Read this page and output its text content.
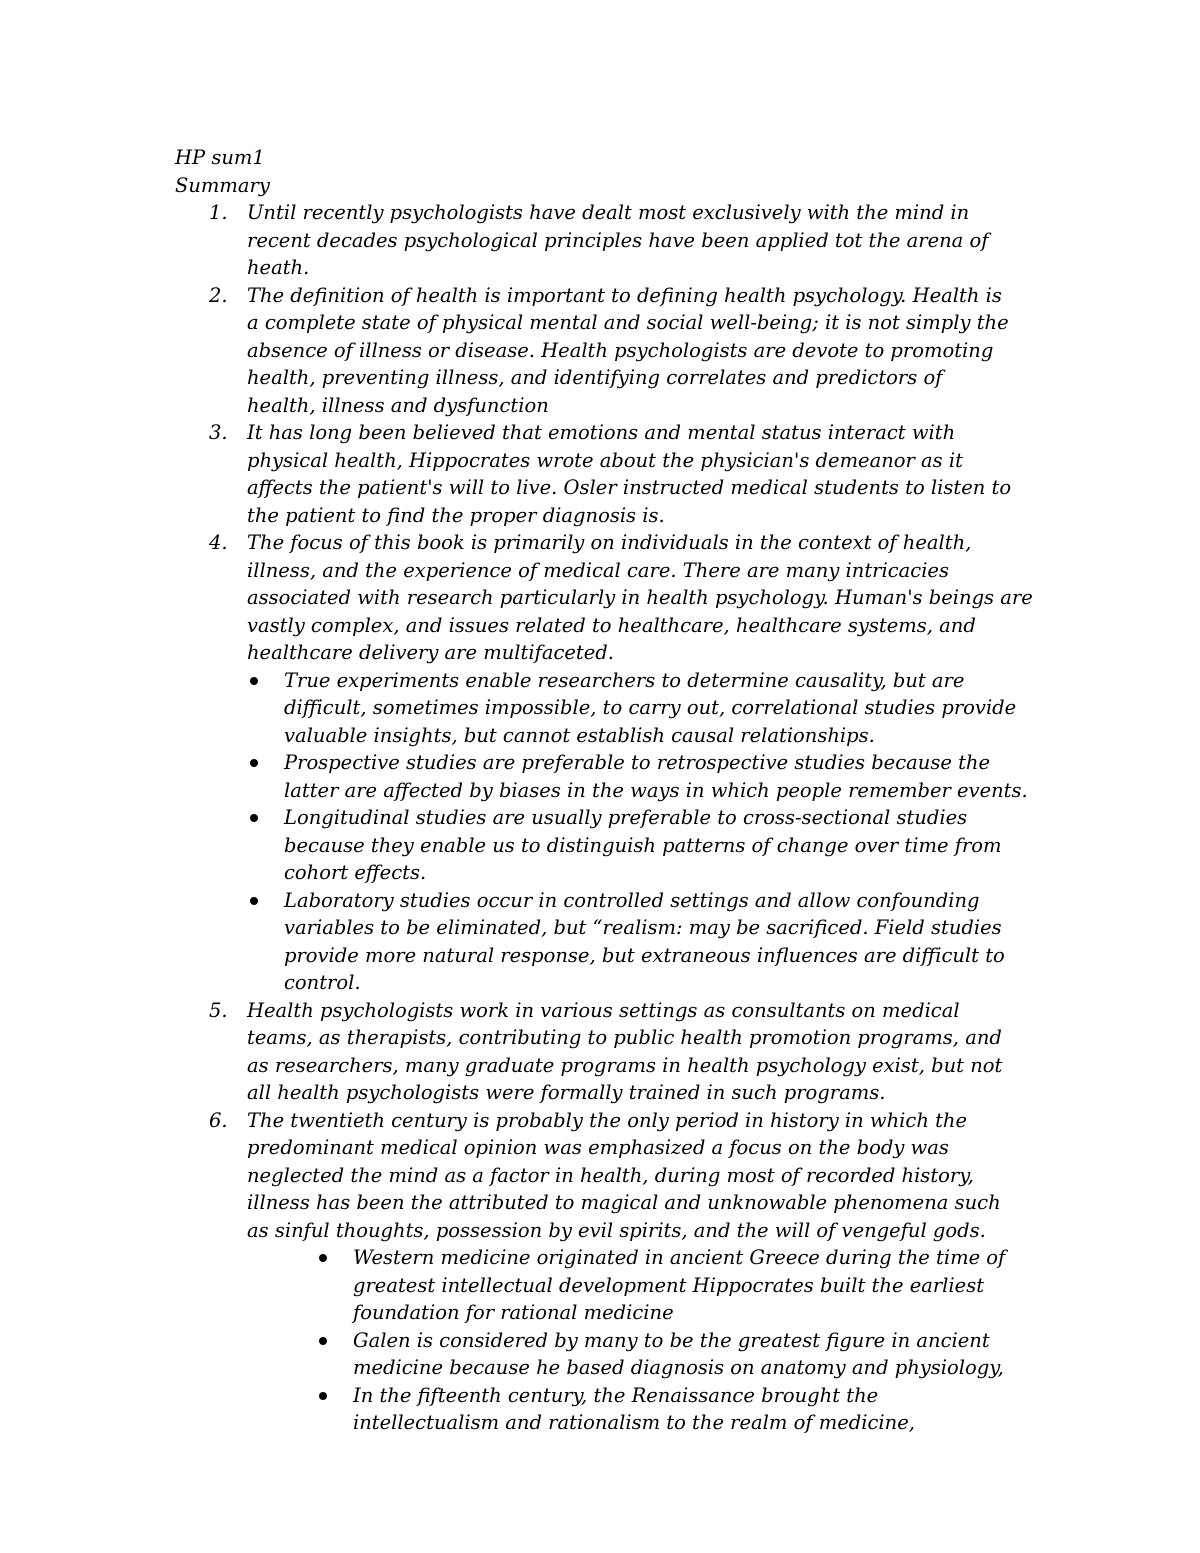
HP sum1

Summary

1. Until recently psychologists have dealt most exclusively with the mind in recent decades psychological principles have been applied tot the arena of heath.
2. The definition of health is important to defining health psychology. Health is a complete state of physical mental and social well-being; it is not simply the absence of illness or disease. Health psychologists are devote to promoting health, preventing illness, and identifying correlates and predictors of health, illness and dysfunction
3. It has long been believed that emotions and mental status interact with physical health, Hippocrates wrote about the physician's demeanor as it affects the patient's will to live. Osler instructed medical students to listen to the patient to find the proper diagnosis is.
4. The focus of this book is primarily on individuals in the context of health, illness, and the experience of medical care. There are many intricacies associated with research particularly in health psychology. Human's beings are vastly complex, and issues related to healthcare, healthcare systems, and healthcare delivery are multifaceted.
True experiments enable researchers to determine causality, but are difficult, sometimes impossible, to carry out, correlational studies provide valuable insights, but cannot establish causal relationships.
Prospective studies are preferable to retrospective studies because the latter are affected by biases in the ways in which people remember events.
Longitudinal studies are usually preferable to cross-sectional studies because they enable us to distinguish patterns of change over time from cohort effects.
Laboratory studies occur in controlled settings and allow confounding variables to be eliminated, but “realism: may be sacrificed. Field studies provide more natural response, but extraneous influences are difficult to control.
5. Health psychologists work in various settings as consultants on medical teams, as therapists, contributing to public health promotion programs, and as researchers, many graduate programs in health psychology exist, but not all health psychologists were formally trained in such programs.
6. The twentieth century is probably the only period in history in which the predominant medical opinion was emphasized a focus on the body was neglected the mind as a factor in health, during most of recorded history, illness has been the attributed to magical and unknowable phenomena such as sinful thoughts, possession by evil spirits, and the will of vengeful gods.
Western medicine originated in ancient Greece during the time of greatest intellectual development Hippocrates built the earliest foundation for rational medicine
Galen is considered by many to be the greatest figure in ancient medicine because he based diagnosis on anatomy and physiology,
In the fifteenth century, the Renaissance brought the intellectualism and rationalism to the realm of medicine,
